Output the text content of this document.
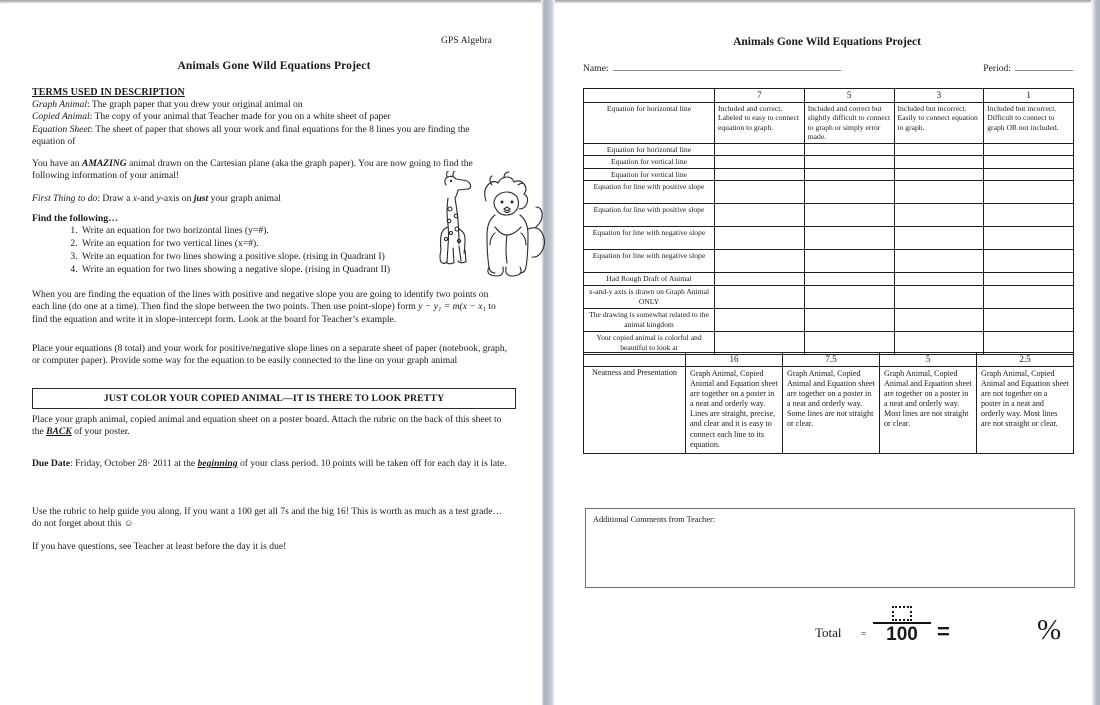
GPS Algebra
Animals Gone Wild Equations Project
TERMS USED IN DESCRIPTION
Graph Animal: The graph paper that you drew your original animal on
Copied Animal: The copy of your animal that Teacher made for you on a white sheet of paper
Equation Sheet: The sheet of paper that shows all your work and final equations for the 8 lines you are finding the equation of
You have an AMAZING animal drawn on the Cartesian plane (aka the graph paper). You are now going to find the following information of your animal!
First Thing to do: Draw a x-and y-axis on just your graph animal
Find the following…
1. Write an equation for two horizontal lines (y=#).
2. Write an equation for two vertical lines (x=#).
3. Write an equation for two lines showing a positive slope. (rising in Quadrant I)
4. Write an equation for two lines showing a negative slope. (rising in Quadrant II)
When you are finding the equation of the lines with positive and negative slope you are going to identify two points on each line (do one at a time). Then find the slope between the two points. Then use point-slope) form y − y₁ = m(x − x₁ to find the equation and write it in slope-intercept form. Look at the board for Teacher’s example.
Place your equations (8 total) and your work for positive/negative slope lines on a separate sheet of paper (notebook, graph, or computer paper). Provide some way for the equation to be easily connected to the line on your graph animal
JUST COLOR YOUR COPIED ANIMAL—IT IS THERE TO LOOK PRETTY
Place your graph animal, copied animal and equation sheet on a poster board. Attach the rubric on the back of this sheet to the BACK of your poster.
Due Date: Friday, October 28· 2011 at the beginning of your class period. 10 points will be taken off for each day it is late.
Use the rubric to help guide you along. If you want a 100 get all 7s and the big 16! This is worth as much as a test grade…do not forget about this ☺
If you have questions, see Teacher at least before the day it is due!
Animals Gone Wild Equations Project
Name:	Period:
	7	5	3	1
Equation for horizontal line	Included and correct. Labeled to easy to connect equation to graph.	Included and correct but slightly difficult to connect to graph or simply error made.	Included but incorrect. Easily to connect equation to graph.	Included but incorrect. Difficult to connect to graph OR not included.
Equation for horizontal line				
Equation for vertical line				
Equation for vertical line				
Equation for line with positive slope				
Equation for line with positive slope				
Equation for line with negative slope				
Equation for line with negative slope				
Had Rough Draft of Animal				
x-and-y axis is drawn on Graph Animal ONLY				
The drawing is somewhat related to the animal kingdom				
Your copied animal is colorful and beautiful to look at				
	16	7.5	5	2.5
Neatness and Presentation	Graph Animal, Copied Animal and Equation sheet are together on a poster in a neat and orderly way. Lines are straight, precise, and clear and it is easy to connect each line to its equation.	Graph Animal, Copied Animal and Equation sheet are together on a poster in a neat and orderly way. Some lines are not straight or clear.	Graph Animal, Copied Animal and Equation sheet are together on a poster in a neat and orderly way. Most lines are not straight or clear.	Graph Animal, Copied Animal and Equation sheet are not together on a poster in a neat and orderly way. Most lines are not straight or clear.
Additional Comments from Teacher:
Total =	100 =	%
